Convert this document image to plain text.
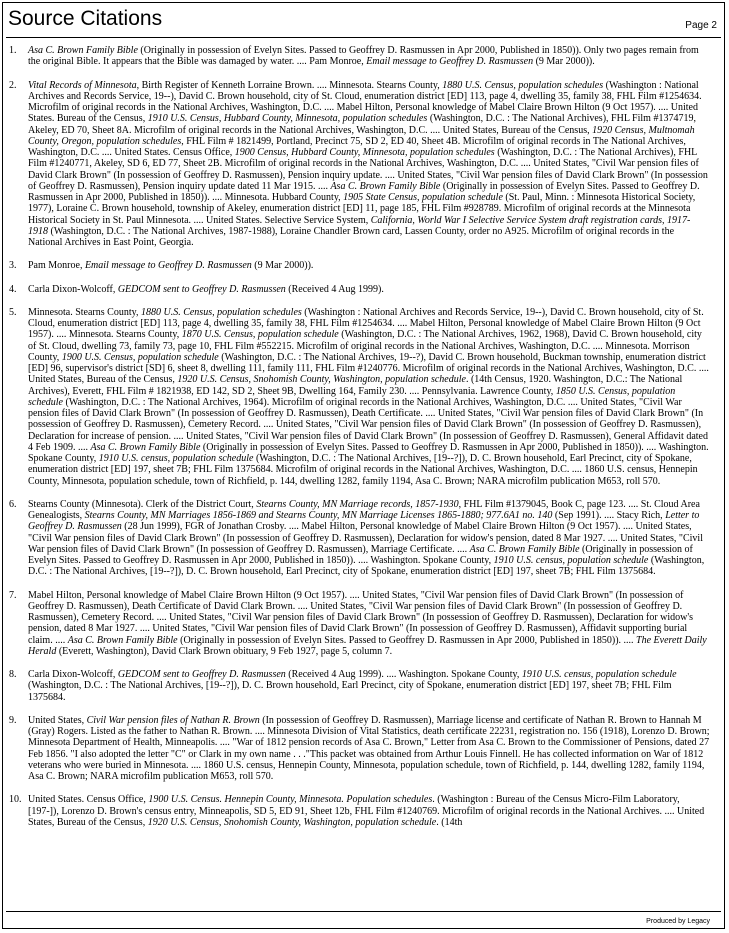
Source Citations	Page 2
1. Asa C. Brown Family Bible (Originally in possession of Evelyn Sites. Passed to Geoffrey D. Rasmussen in Apr 2000, Published in 1850)). Only two pages remain from the original Bible. It appears that the Bible was damaged by water. .... Pam Monroe, Email message to Geoffrey D. Rasmussen (9 Mar 2000)).
2. Vital Records of Minnesota, Birth Register of Kenneth Lorraine Brown. .... Minnesota. Stearns County, 1880 U.S. Census, population schedules (Washington : National Archives and Records Service, 19--), David C. Brown household, city of St. Cloud, enumeration district [ED] 113, page 4, dwelling 35, family 38, FHL Film #1254634. Microfilm of original records in the National Archives, Washington, D.C. .... Mabel Hilton, Personal knowledge of Mabel Claire Brown Hilton (9 Oct 1957). .... United States. Bureau of the Census, 1910 U.S. Census, Hubbard County, Minnesota, population schedules (Washington, D.C. : The National Archives), FHL Film #1374719, Akeley, ED 70, Sheet 8A. Microfilm of original records in the National Archives, Washington, D.C. .... United States, Bureau of the Census, 1920 Census, Multnomah County, Oregon, population schedules, FHL Film # 1821499, Portland, Precinct 75, SD 2, ED 40, Sheet 4B. Microfilm of original records in The National Archives, Washington, D.C. .... United States. Census Office, 1900 Census, Hubbard County, Minnesota, population schedules (Washington, D.C. : The National Archives), FHL Film #1240771, Akeley, SD 6, ED 77, Sheet 2B. Microfilm of original records in the National Archives, Washington, D.C. .... United States, "Civil War pension files of David Clark Brown" (In possession of Geoffrey D. Rasmussen), Pension inquiry update. .... United States, "Civil War pension files of David Clark Brown" (In possession of Geoffrey D. Rasmussen), Pension inquiry update dated 11 Mar 1915. .... Asa C. Brown Family Bible (Originally in possession of Evelyn Sites. Passed to Geoffrey D. Rasmussen in Apr 2000, Published in 1850)). .... Minnesota. Hubbard County, 1905 State Census, population schedule (St. Paul, Minn. : Minnesota Historical Society, 1977), Loraine C. Brown household, township of Akeley, enumeration district [ED] 11, page 185, FHL Film #928789. Microfilm of original records at the Minnesota Historical Society in St. Paul Minnesota. .... United States. Selective Service System, California, World War I Selective Service System draft registration cards, 1917-1918 (Washington, D.C. : The National Archives, 1987-1988), Loraine Chandler Brown card, Lassen County, order no A925. Microfilm of original records in the National Archives in East Point, Georgia.
3. Pam Monroe, Email message to Geoffrey D. Rasmussen (9 Mar 2000)).
4. Carla Dixon-Wolcoff, GEDCOM sent to Geoffrey D. Rasmussen (Received 4 Aug 1999).
5. Minnesota. Stearns County, 1880 U.S. Census, population schedules (Washington : National Archives and Records Service, 19--), David C. Brown household, city of St. Cloud, enumeration district [ED] 113, page 4, dwelling 35, family 38, FHL Film #1254634. .... Mabel Hilton, Personal knowledge of Mabel Claire Brown Hilton (9 Oct 1957). .... Minnesota. Stearns County, 1870 U.S. Census, population schedule (Washington, D.C. : The National Archives, 1962, 1968), David C. Brown household, city of St. Cloud, dwelling 73, family 73, page 10, FHL Film #552215. Microfilm of original records in the National Archives, Washington, D.C. .... Minnesota. Morrison County, 1900 U.S. Census, population schedule (Washington, D.C. : The National Archives, 19--?), David C. Brown household, Buckman township, enumeration district [ED] 96, supervisor's district [SD] 6, sheet 8, dwelling 111, family 111, FHL Film #1240776. Microfilm of original records in the National Archives, Washington, D.C. .... United States, Bureau of the Census, 1920 U.S. Census, Snohomish County, Washington, population schedule. (14th Census, 1920. Washington, D.C.: The National Archives), Everett, FHL Film # 1821938, ED 142, SD 2, Sheet 9B, Dwelling 164, Family 230. .... Pennsylvania. Lawrence County, 1850 U.S. Census, population schedule (Washington, D.C. : The National Archives, 1964). Microfilm of original records in the National Archives, Washington, D.C. .... United States, "Civil War pension files of David Clark Brown" (In possession of Geoffrey D. Rasmussen), Death Certificate. .... United States, "Civil War pension files of David Clark Brown" (In possession of Geoffrey D. Rasmussen), Cemetery Record. .... United States, "Civil War pension files of David Clark Brown" (In possession of Geoffrey D. Rasmussen), Declaration for increase of pension. .... United States, "Civil War pension files of David Clark Brown" (In possession of Geoffrey D. Rasmussen), General Affidavit dated 4 Feb 1909. .... Asa C. Brown Family Bible (Originally in possession of Evelyn Sites. Passed to Geoffrey D. Rasmussen in Apr 2000, Published in 1850)). .... Washington. Spokane County, 1910 U.S. census, population schedule (Washington, D.C. : The National Archives, [19--?]), D. C. Brown household, Earl Precinct, city of Spokane, enumeration district [ED] 197, sheet 7B; FHL Film 1375684. Microfilm of original records in the National Archives, Washington, D.C. .... 1860 U.S. census, Hennepin County, Minnesota, population schedule, town of Richfield, p. 144, dwelling 1282, family 1194, Asa C. Brown; NARA microfilm publication M653, roll 570.
6. Stearns County (Minnesota). Clerk of the District Court, Stearns County, MN Marriage records, 1857-1930, FHL Film #1379045, Book C, page 123. .... St. Cloud Area Genealogists, Stearns County, MN Marriages 1856-1869 and Stearns County, MN Marriage Licenses 1865-1880; 977.6A1 no. 140 (Sep 1991). .... Stacy Rich, Letter to Geoffrey D. Rasmussen (28 Jun 1999), FGR of Jonathan Crosby. .... Mabel Hilton, Personal knowledge of Mabel Claire Brown Hilton (9 Oct 1957). .... United States, "Civil War pension files of David Clark Brown" (In possession of Geoffrey D. Rasmussen), Declaration for widow's pension, dated 8 Mar 1927. .... United States, "Civil War pension files of David Clark Brown" (In possession of Geoffrey D. Rasmussen), Marriage Certificate. .... Asa C. Brown Family Bible (Originally in possession of Evelyn Sites. Passed to Geoffrey D. Rasmussen in Apr 2000, Published in 1850)). .... Washington. Spokane County, 1910 U.S. census, population schedule (Washington, D.C. : The National Archives, [19--?]), D. C. Brown household, Earl Precinct, city of Spokane, enumeration district [ED] 197, sheet 7B; FHL Film 1375684.
7. Mabel Hilton, Personal knowledge of Mabel Claire Brown Hilton (9 Oct 1957). .... United States, "Civil War pension files of David Clark Brown" (In possession of Geoffrey D. Rasmussen), Death Certificate of David Clark Brown. .... United States, "Civil War pension files of David Clark Brown" (In possession of Geoffrey D. Rasmussen), Cemetery Record. .... United States, "Civil War pension files of David Clark Brown" (In possession of Geoffrey D. Rasmussen), Declaration for widow's pension, dated 8 Mar 1927. .... United States, "Civil War pension files of David Clark Brown" (In possession of Geoffrey D. Rasmussen), Affidavit supporting burial claim. .... Asa C. Brown Family Bible (Originally in possession of Evelyn Sites. Passed to Geoffrey D. Rasmussen in Apr 2000, Published in 1850)). .... The Everett Daily Herald (Everett, Washington), David Clark Brown obituary, 9 Feb 1927, page 5, column 7.
8. Carla Dixon-Wolcoff, GEDCOM sent to Geoffrey D. Rasmussen (Received 4 Aug 1999). .... Washington. Spokane County, 1910 U.S. census, population schedule (Washington, D.C. : The National Archives, [19--?]), D. C. Brown household, Earl Precinct, city of Spokane, enumeration district [ED] 197, sheet 7B; FHL Film 1375684.
9. United States, Civil War pension files of Nathan R. Brown (In possession of Geoffrey D. Rasmussen), Marriage license and certificate of Nathan R. Brown to Hannah M (Gray) Rogers. Listed as the father to Nathan R. Brown. .... Minnesota Division of Vital Statistics, death certificate 22231, registration no. 156 (1918), Lorenzo D. Brown; Minnesota Department of Health, Minneapolis. .... "War of 1812 pension records of Asa C. Brown," Letter from Asa C. Brown to the Commissioner of Pensions, dated 27 Feb 1856. "I also adopted the letter "C" or Clark in my own name . . ."This packet was obtained from Arthur Louis Finnell. He has collected information on War of 1812 veterans who were buried in Minnesota. .... 1860 U.S. census, Hennepin County, Minnesota, population schedule, town of Richfield, p. 144, dwelling 1282, family 1194, Asa C. Brown; NARA microfilm publication M653, roll 570.
10. United States. Census Office, 1900 U.S. Census. Hennepin County, Minnesota. Population schedules. (Washington : Bureau of the Census Micro-Film Laboratory, [197-]), Lorenzo D. Brown's census entry, Minneapolis, SD 5, ED 91, Sheet 12b, FHL Film #1240769. Microfilm of original records in the National Archives. .... United States, Bureau of the Census, 1920 U.S. Census, Snohomish County, Washington, population schedule. (14th
Produced by Legacy
